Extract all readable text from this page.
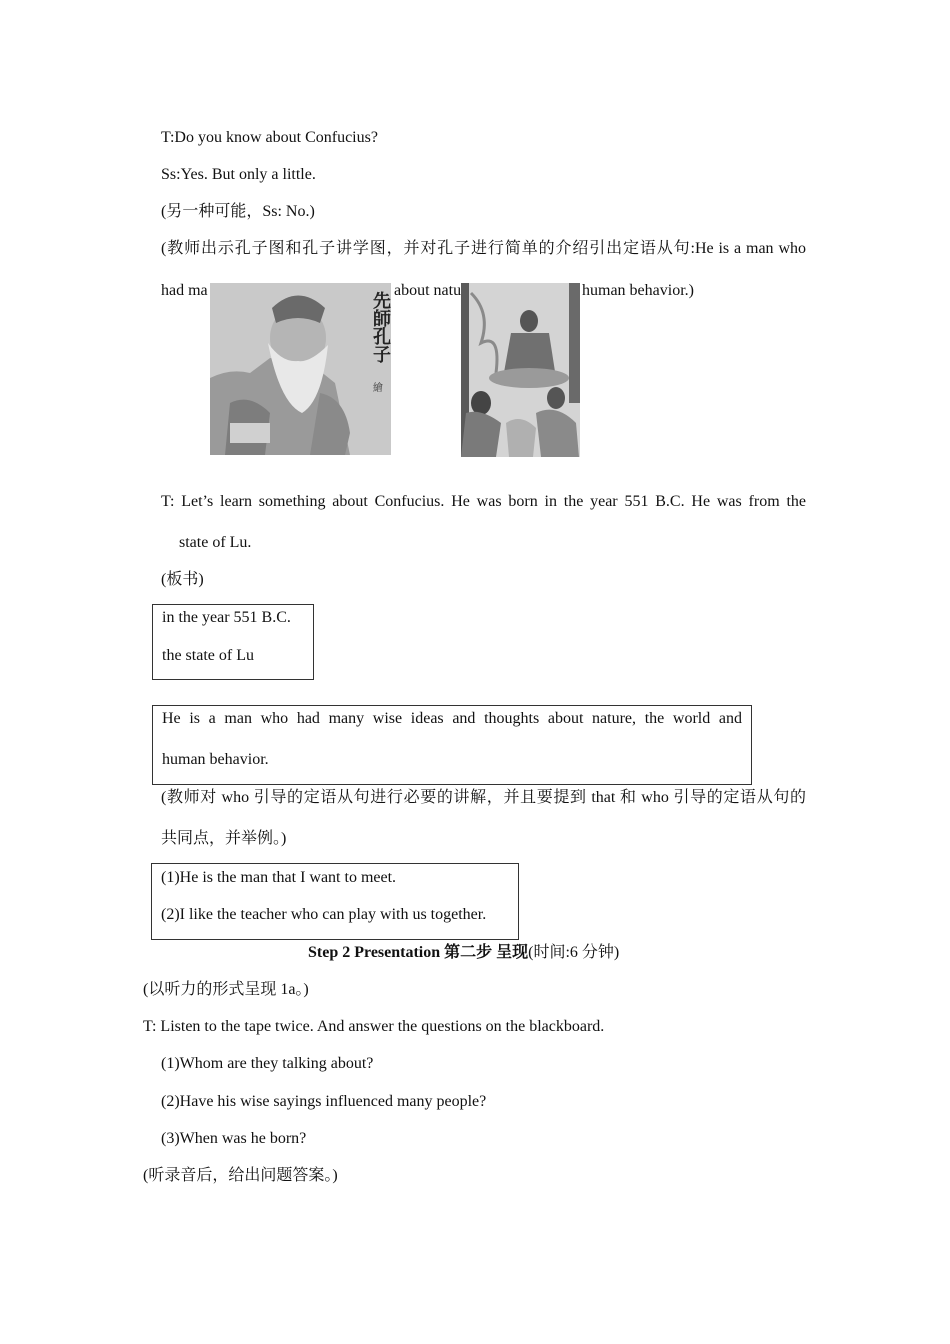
T:Do you know about Confucius?
Ss:Yes. But only a little.
(另一种可能，Ss: No.)
(教师出示孔子图和孔子讲学图，并对孔子进行简单的介绍引出定语从句:He is a man who
had ma	about natu	human behavior.)
先師孔子
繪
T: Let’s learn something about Confucius. He was born in the year 551 B.C. He was from the
state of Lu.
(板书)
in the year 551 B.C.
the state of Lu
He is a man who had many wise ideas and thoughts about nature, the world and
human behavior.
(教师对 who 引导的定语从句进行必要的讲解，并且要提到 that 和 who 引导的定语从句的
共同点，并举例。)
(1)He is the man that I want to meet.
(2)I like the teacher who can play with us together.
Step 2 Presentation 第二步 呈现(时间:6 分钟)
(以听力的形式呈现 1a。)
T: Listen to the tape twice. And answer the questions on the blackboard.
(1)Whom are they talking about?
(2)Have his wise sayings influenced many people?
(3)When was he born?
(听录音后，给出问题答案。)
